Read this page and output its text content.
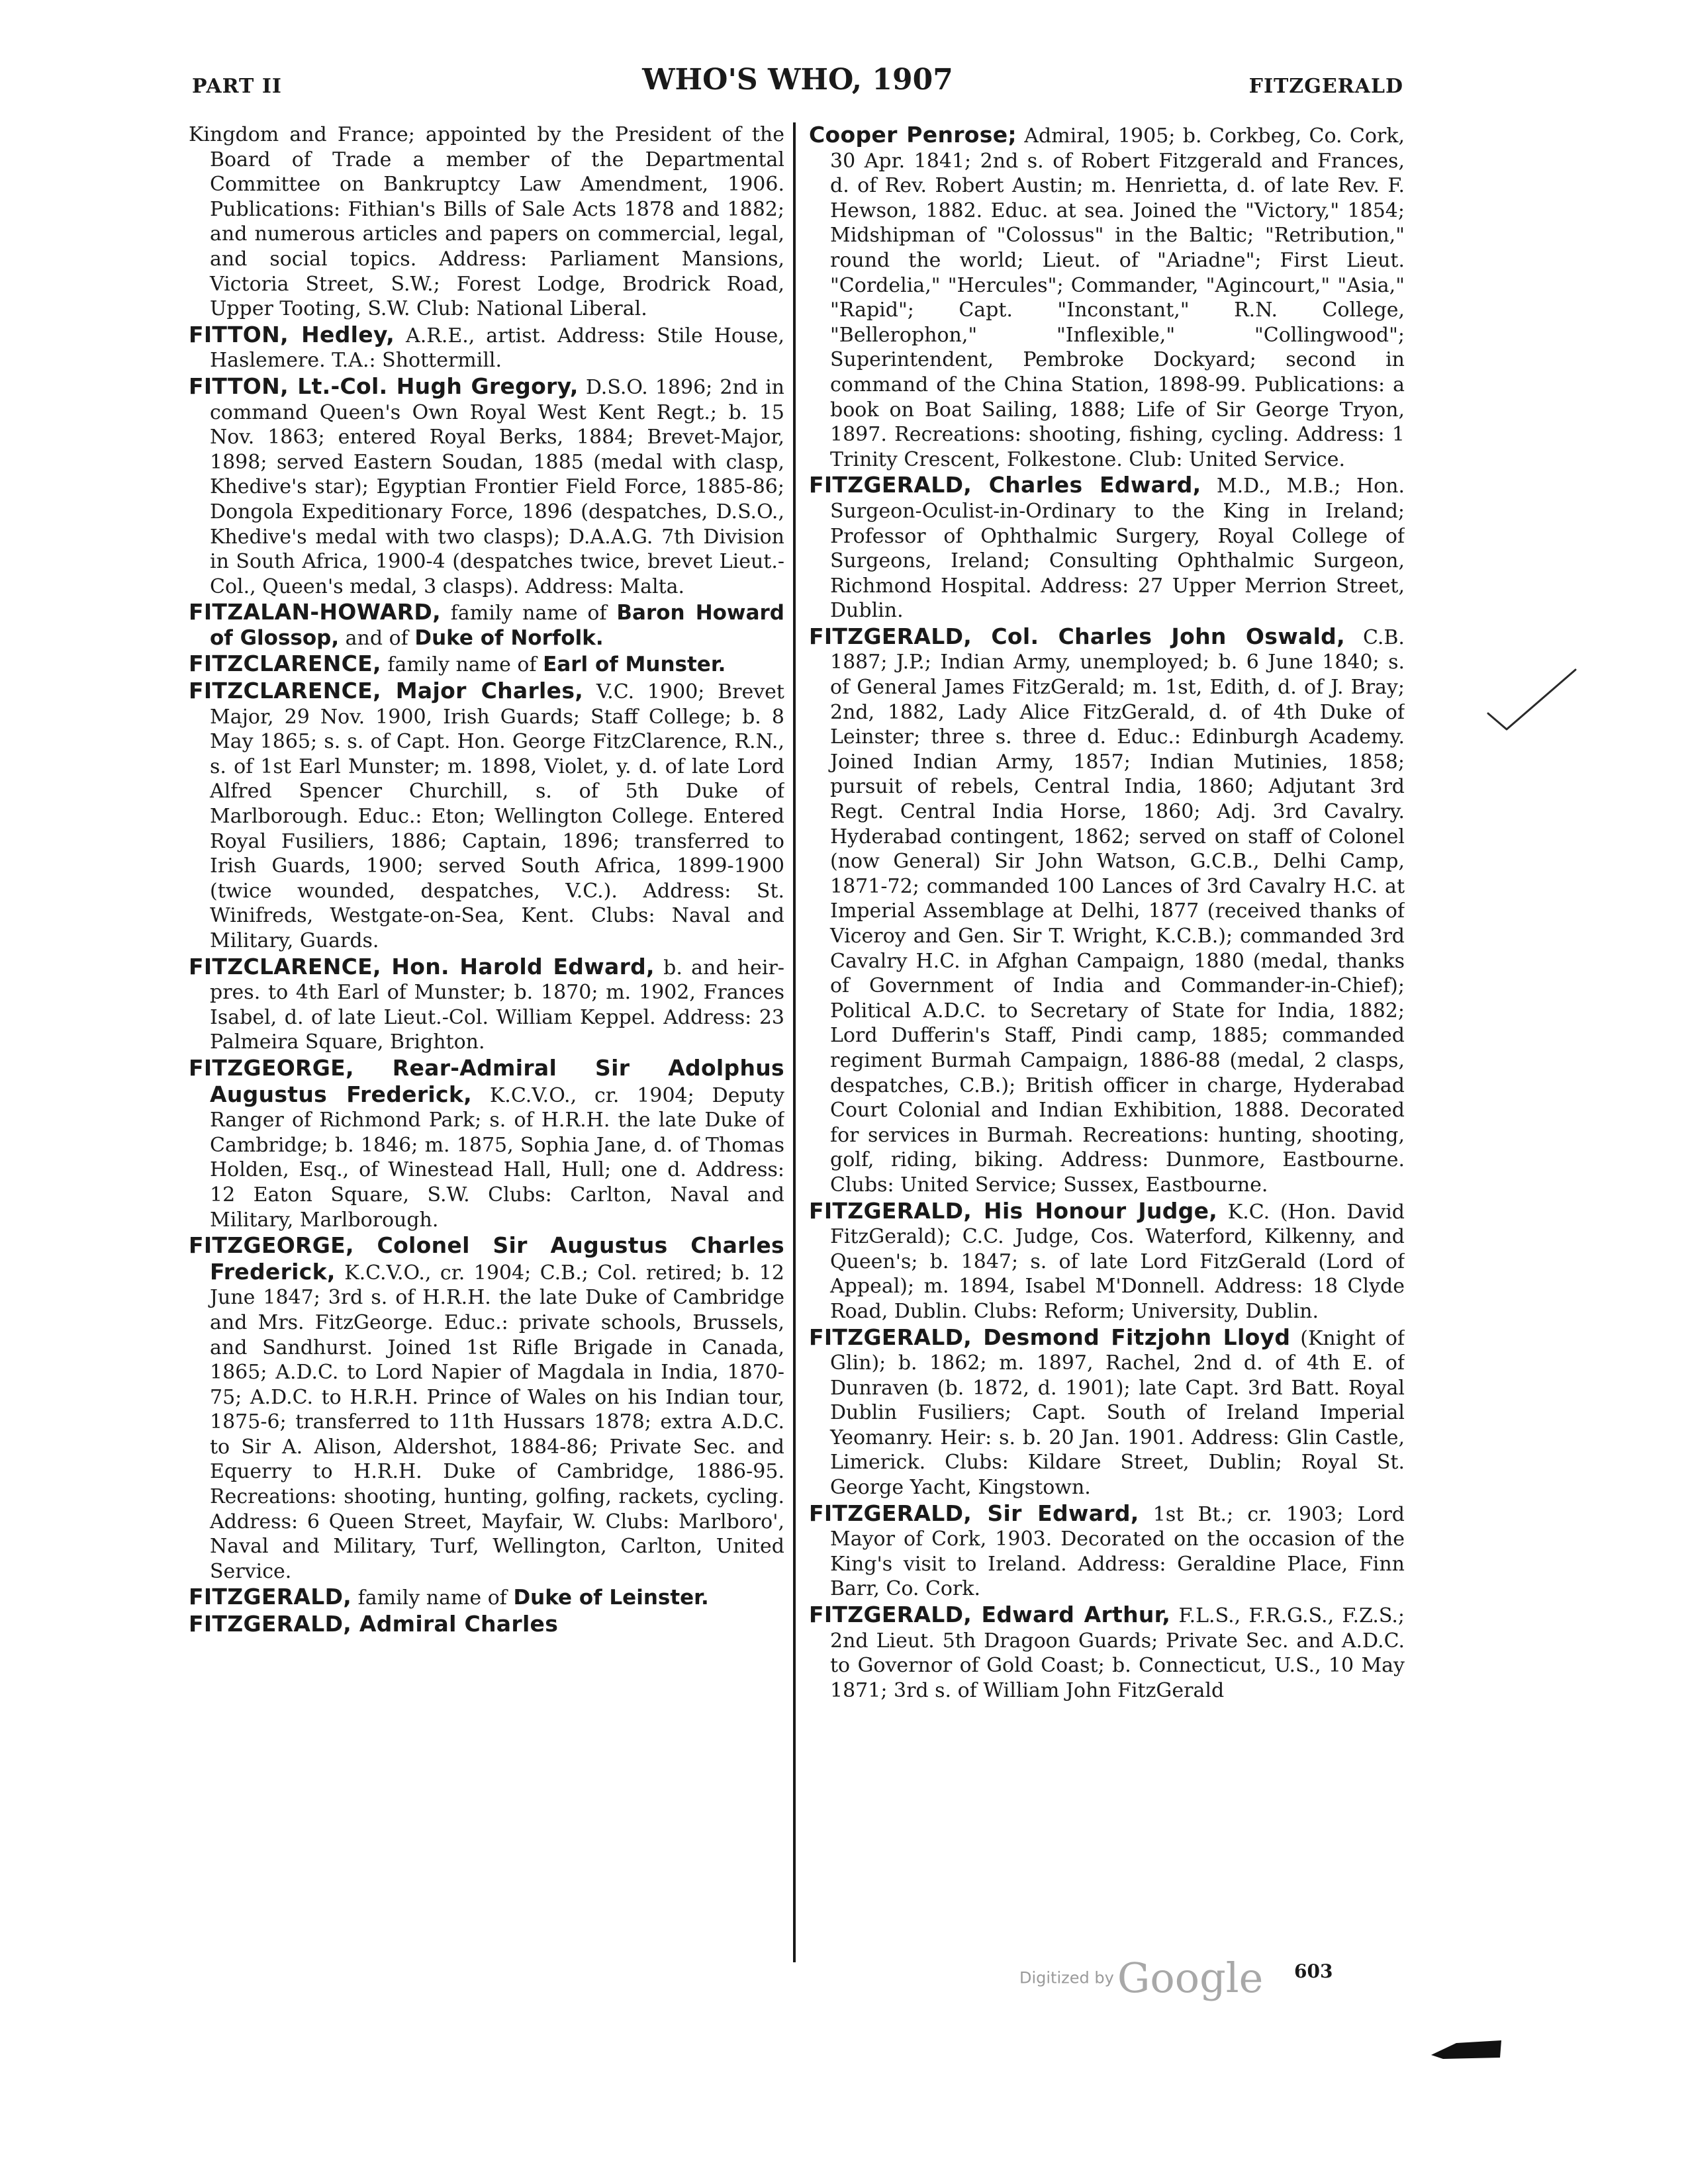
PART II	WHO'S WHO, 1907	FITZGERALD

Kingdom and France; appointed by the President of the Board of Trade a member of the Departmental Committee on Bankruptcy Law Amendment, 1906. Publications: Fithian's Bills of Sale Acts 1878 and 1882; and numerous articles and papers on commercial, legal, and social topics. Address: Parliament Mansions, Victoria Street, S.W.; Forest Lodge, Brodrick Road, Upper Tooting, S.W. Club: National Liberal.

FITTON, Hedley, A.R.E., artist. Address: Stile House, Haslemere. T.A.: Shottermill.

FITTON, Lt.-Col. Hugh Gregory, D.S.O. 1896; 2nd in command Queen's Own Royal West Kent Regt.; b. 15 Nov. 1863; entered Royal Berks, 1884; Brevet-Major, 1898; served Eastern Soudan, 1885 (medal with clasp, Khedive's star); Egyptian Frontier Field Force, 1885-86; Dongola Expeditionary Force, 1896 (despatches, D.S.O., Khedive's medal with two clasps); D.A.A.G. 7th Division in South Africa, 1900-4 (despatches twice, brevet Lieut.-Col., Queen's medal, 3 clasps). Address: Malta.

FITZALAN-HOWARD, family name of Baron Howard of Glossop, and of Duke of Norfolk.

FITZCLARENCE, family name of Earl of Munster.

FITZCLARENCE, Major Charles, V.C. 1900; Brevet Major, 29 Nov. 1900, Irish Guards; Staff College; b. 8 May 1865; s. s. of Capt. Hon. George FitzClarence, R.N., s. of 1st Earl Munster; m. 1898, Violet, y. d. of late Lord Alfred Spencer Churchill, s. of 5th Duke of Marlborough. Educ.: Eton; Wellington College. Entered Royal Fusiliers, 1886; Captain, 1896; transferred to Irish Guards, 1900; served South Africa, 1899-1900 (twice wounded, despatches, V.C.). Address: St. Winifreds, Westgate-on-Sea, Kent. Clubs: Naval and Military, Guards.

FITZCLARENCE, Hon. Harold Edward, b. and heir-pres. to 4th Earl of Munster; b. 1870; m. 1902, Frances Isabel, d. of late Lieut.-Col. William Keppel. Address: 23 Palmeira Square, Brighton.

FITZGEORGE, Rear-Admiral Sir Adolphus Augustus Frederick, K.C.V.O., cr. 1904; Deputy Ranger of Richmond Park; s. of H.R.H. the late Duke of Cambridge; b. 1846; m. 1875, Sophia Jane, d. of Thomas Holden, Esq., of Winestead Hall, Hull; one d. Address: 12 Eaton Square, S.W. Clubs: Carlton, Naval and Military, Marlborough.

FITZGEORGE, Colonel Sir Augustus Charles Frederick, K.C.V.O., cr. 1904; C.B.; Col. retired; b. 12 June 1847; 3rd s. of H.R.H. the late Duke of Cambridge and Mrs. FitzGeorge. Educ.: private schools, Brussels, and Sandhurst. Joined 1st Rifle Brigade in Canada, 1865; A.D.C. to Lord Napier of Magdala in India, 1870-75; A.D.C. to H.R.H. Prince of Wales on his Indian tour, 1875-6; transferred to 11th Hussars 1878; extra A.D.C. to Sir A. Alison, Aldershot, 1884-86; Private Sec. and Equerry to H.R.H. Duke of Cambridge, 1886-95. Recreations: shooting, hunting, golfing, rackets, cycling. Address: 6 Queen Street, Mayfair, W. Clubs: Marlboro', Naval and Military, Turf, Wellington, Carlton, United Service.

FITZGERALD, family name of Duke of Leinster.

FITZGERALD, Admiral Charles

Cooper Penrose; Admiral, 1905; b. Corkbeg, Co. Cork, 30 Apr. 1841; 2nd s. of Robert Fitzgerald and Frances, d. of Rev. Robert Austin; m. Henrietta, d. of late Rev. F. Hewson, 1882. Educ. at sea. Joined the "Victory," 1854; Midshipman of "Colossus" in the Baltic; "Retribution," round the world; Lieut. of "Ariadne"; First Lieut. "Cordelia," "Hercules"; Commander, "Agincourt," "Asia," "Rapid"; Capt. "Inconstant," R.N. College, "Bellerophon," "Inflexible," "Collingwood"; Superintendent, Pembroke Dockyard; second in command of the China Station, 1898-99. Publications: a book on Boat Sailing, 1888; Life of Sir George Tryon, 1897. Recreations: shooting, fishing, cycling. Address: 1 Trinity Crescent, Folkestone. Club: United Service.

FITZGERALD, Charles Edward, M.D., M.B.; Hon. Surgeon-Oculist-in-Ordinary to the King in Ireland; Professor of Ophthalmic Surgery, Royal College of Surgeons, Ireland; Consulting Ophthalmic Surgeon, Richmond Hospital. Address: 27 Upper Merrion Street, Dublin.

FITZGERALD, Col. Charles John Oswald, C.B. 1887; J.P.; Indian Army, unemployed; b. 6 June 1840; s. of General James FitzGerald; m. 1st, Edith, d. of J. Bray; 2nd, 1882, Lady Alice FitzGerald, d. of 4th Duke of Leinster; three s. three d. Educ.: Edinburgh Academy. Joined Indian Army, 1857; Indian Mutinies, 1858; pursuit of rebels, Central India, 1860; Adjutant 3rd Regt. Central India Horse, 1860; Adj. 3rd Cavalry. Hyderabad contingent, 1862; served on staff of Colonel (now General) Sir John Watson, G.C.B., Delhi Camp, 1871-72; commanded 100 Lances of 3rd Cavalry H.C. at Imperial Assemblage at Delhi, 1877 (received thanks of Viceroy and Gen. Sir T. Wright, K.C.B.); commanded 3rd Cavalry H.C. in Afghan Campaign, 1880 (medal, thanks of Government of India and Commander-in-Chief); Political A.D.C. to Secretary of State for India, 1882; Lord Dufferin's Staff, Pindi camp, 1885; commanded regiment Burmah Campaign, 1886-88 (medal, 2 clasps, despatches, C.B.); British officer in charge, Hyderabad Court Colonial and Indian Exhibition, 1888. Decorated for services in Burmah. Recreations: hunting, shooting, golf, riding, biking. Address: Dunmore, Eastbourne. Clubs: United Service; Sussex, Eastbourne.

FITZGERALD, His Honour Judge, K.C. (Hon. David FitzGerald); C.C. Judge, Cos. Waterford, Kilkenny, and Queen's; b. 1847; s. of late Lord FitzGerald (Lord of Appeal); m. 1894, Isabel M'Donnell. Address: 18 Clyde Road, Dublin. Clubs: Reform; University, Dublin.

FITZGERALD, Desmond Fitzjohn Lloyd (Knight of Glin); b. 1862; m. 1897, Rachel, 2nd d. of 4th E. of Dunraven (b. 1872, d. 1901); late Capt. 3rd Batt. Royal Dublin Fusiliers; Capt. South of Ireland Imperial Yeomanry. Heir: s. b. 20 Jan. 1901. Address: Glin Castle, Limerick. Clubs: Kildare Street, Dublin; Royal St. George Yacht, Kingstown.

FITZGERALD, Sir Edward, 1st Bt.; cr. 1903; Lord Mayor of Cork, 1903. Decorated on the occasion of the King's visit to Ireland. Address: Geraldine Place, Finn Barr, Co. Cork.

FITZGERALD, Edward Arthur, F.L.S., F.R.G.S., F.Z.S.; 2nd Lieut. 5th Dragoon Guards; Private Sec. and A.D.C. to Governor of Gold Coast; b. Connecticut, U.S., 10 May 1871; 3rd s. of William John FitzGerald

Digitized by Google 603
